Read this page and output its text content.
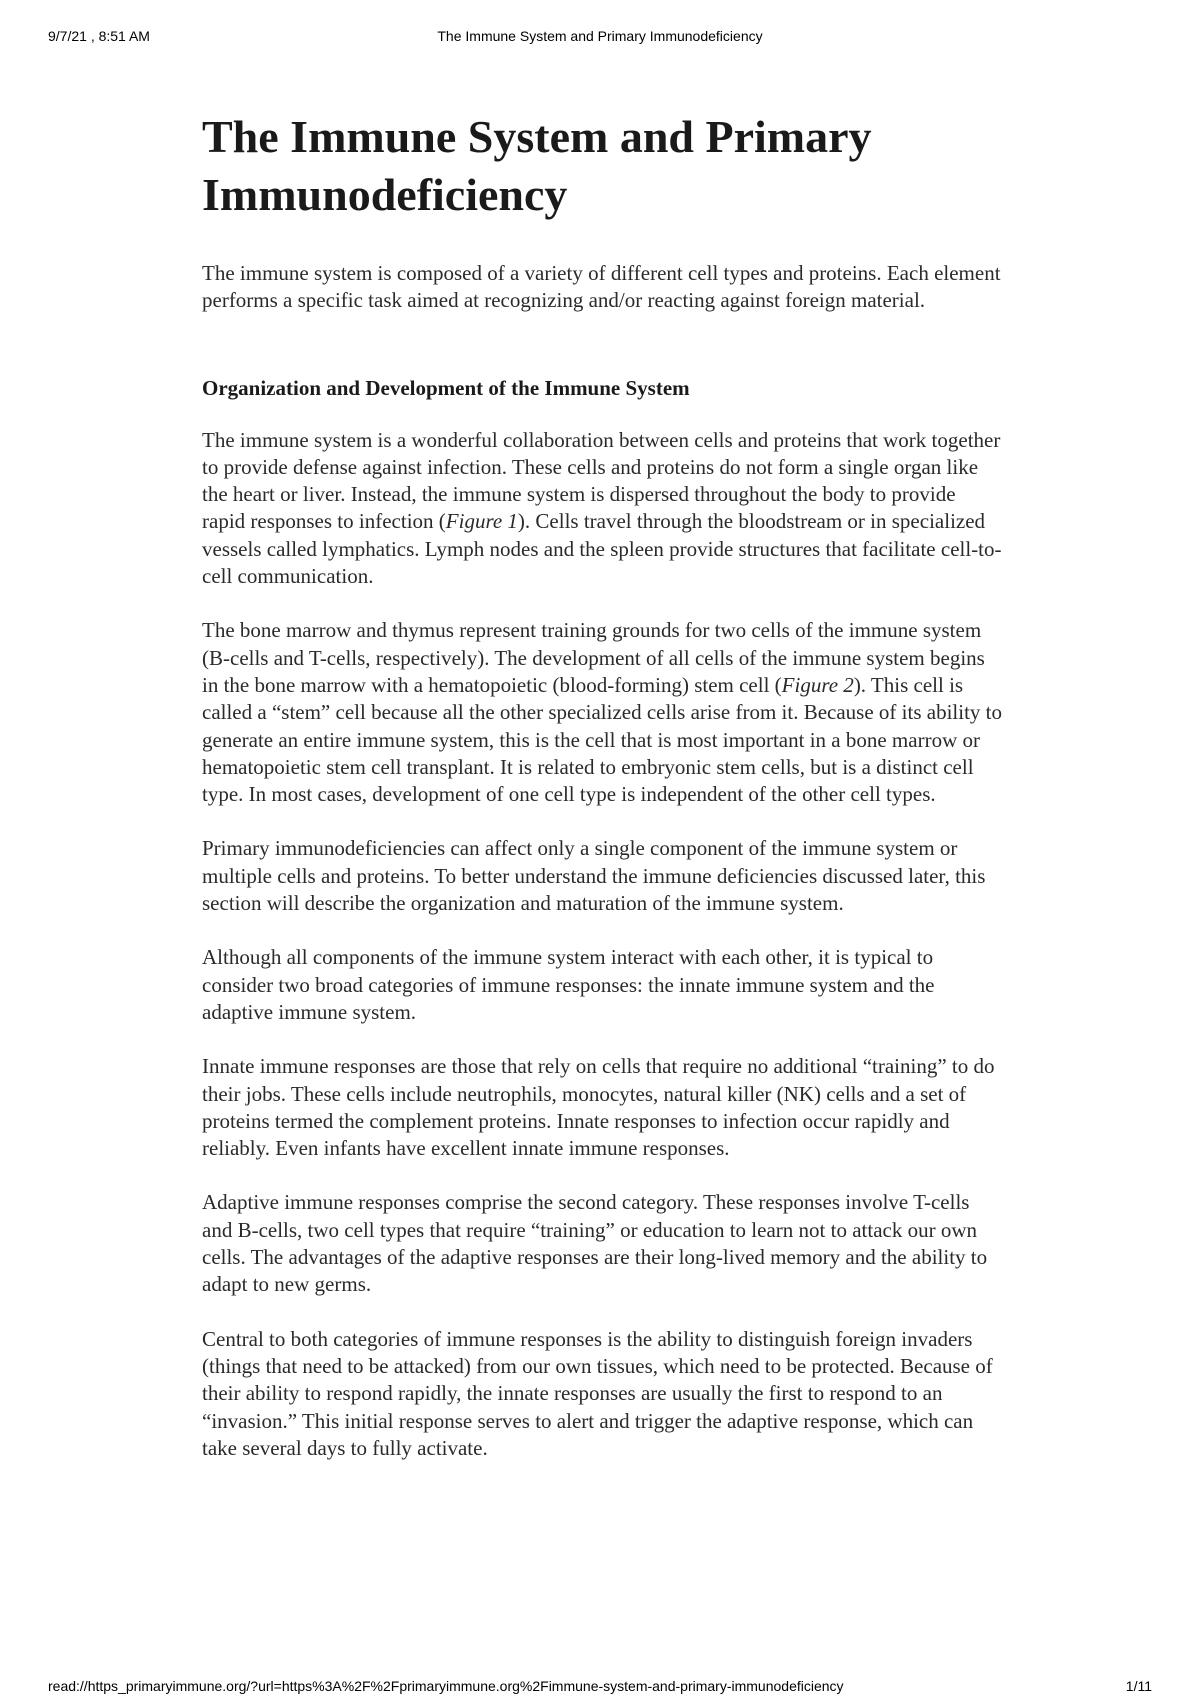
9/7/21 , 8:51 AM	The Immune System and Primary Immunodeficiency
The Immune System and Primary Immunodeficiency

The immune system is composed of a variety of different cell types and proteins. Each element performs a specific task aimed at recognizing and/or reacting against foreign material.

Organization and Development of the Immune System

The immune system is a wonderful collaboration between cells and proteins that work together to provide defense against infection. These cells and proteins do not form a single organ like the heart or liver. Instead, the immune system is dispersed throughout the body to provide rapid responses to infection (Figure 1). Cells travel through the bloodstream or in specialized vessels called lymphatics. Lymph nodes and the spleen provide structures that facilitate cell-to-cell communication.

The bone marrow and thymus represent training grounds for two cells of the immune system (B-cells and T-cells, respectively). The development of all cells of the immune system begins in the bone marrow with a hematopoietic (blood-forming) stem cell (Figure 2). This cell is called a “stem” cell because all the other specialized cells arise from it. Because of its ability to generate an entire immune system, this is the cell that is most important in a bone marrow or hematopoietic stem cell transplant. It is related to embryonic stem cells, but is a distinct cell type. In most cases, development of one cell type is independent of the other cell types.

Primary immunodeficiencies can affect only a single component of the immune system or multiple cells and proteins. To better understand the immune deficiencies discussed later, this section will describe the organization and maturation of the immune system.

Although all components of the immune system interact with each other, it is typical to consider two broad categories of immune responses: the innate immune system and the adaptive immune system.

Innate immune responses are those that rely on cells that require no additional “training” to do their jobs. These cells include neutrophils, monocytes, natural killer (NK) cells and a set of proteins termed the complement proteins. Innate responses to infection occur rapidly and reliably. Even infants have excellent innate immune responses.

Adaptive immune responses comprise the second category. These responses involve T-cells and B-cells, two cell types that require “training” or education to learn not to attack our own cells. The advantages of the adaptive responses are their long-lived memory and the ability to adapt to new germs.

Central to both categories of immune responses is the ability to distinguish foreign invaders (things that need to be attacked) from our own tissues, which need to be protected. Because of their ability to respond rapidly, the innate responses are usually the first to respond to an “invasion.” This initial response serves to alert and trigger the adaptive response, which can take several days to fully activate.

read://https_primaryimmune.org/?url=https%3A%2F%2Fprimaryimmune.org%2Fimmune-system-and-primary-immunodeficiency	1/11
